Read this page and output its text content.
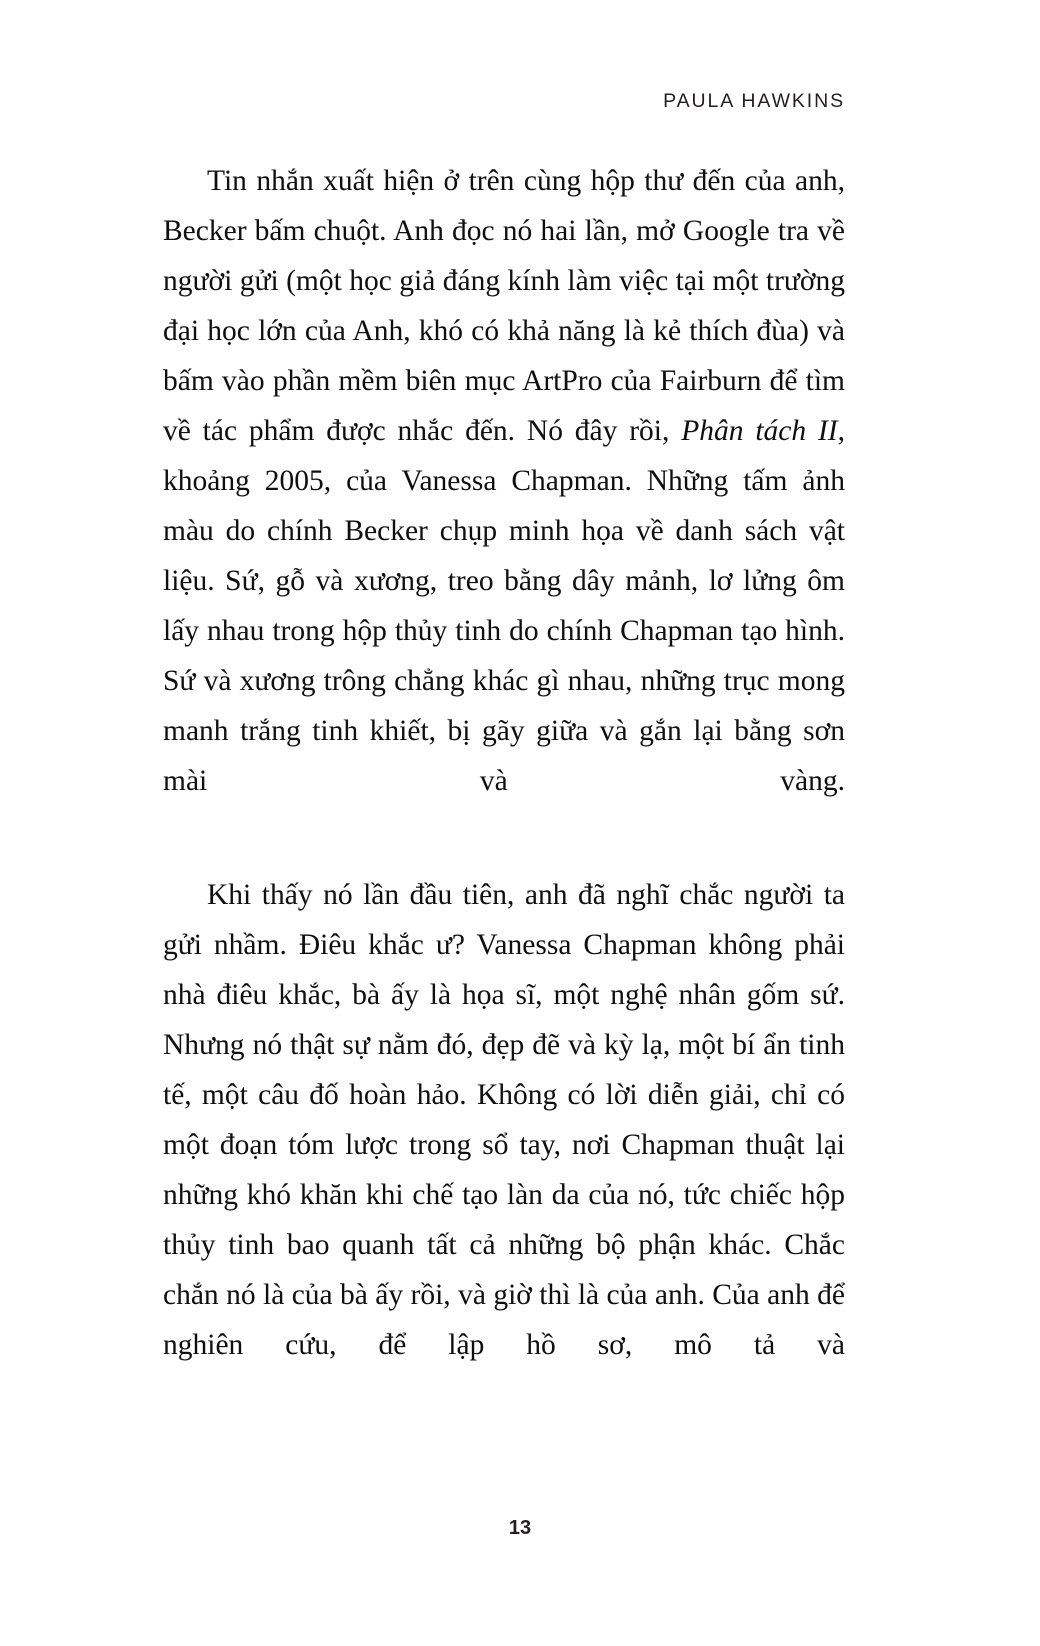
PAULA HAWKINS

Tin nhắn xuất hiện ở trên cùng hộp thư đến của anh, Becker bấm chuột. Anh đọc nó hai lần, mở Google tra về người gửi (một học giả đáng kính làm việc tại một trường đại học lớn của Anh, khó có khả năng là kẻ thích đùa) và bấm vào phần mềm biên mục ArtPro của Fairburn để tìm về tác phẩm được nhắc đến. Nó đây rồi, Phân tách II, khoảng 2005, của Vanessa Chapman. Những tấm ảnh màu do chính Becker chụp minh họa về danh sách vật liệu. Sứ, gỗ và xương, treo bằng dây mảnh, lơ lửng ôm lấy nhau trong hộp thủy tinh do chính Chapman tạo hình. Sứ và xương trông chẳng khác gì nhau, những trục mong manh trắng tinh khiết, bị gãy giữa và gắn lại bằng sơn mài và vàng.

Khi thấy nó lần đầu tiên, anh đã nghĩ chắc người ta gửi nhầm. Điêu khắc ư? Vanessa Chapman không phải nhà điêu khắc, bà ấy là họa sĩ, một nghệ nhân gốm sứ. Nhưng nó thật sự nằm đó, đẹp đẽ và kỳ lạ, một bí ẩn tinh tế, một câu đố hoàn hảo. Không có lời diễn giải, chỉ có một đoạn tóm lược trong sổ tay, nơi Chapman thuật lại những khó khăn khi chế tạo làn da của nó, tức chiếc hộp thủy tinh bao quanh tất cả những bộ phận khác. Chắc chắn nó là của bà ấy rồi, và giờ thì là của anh. Của anh để nghiên cứu, để lập hồ sơ, mô tả và

13
